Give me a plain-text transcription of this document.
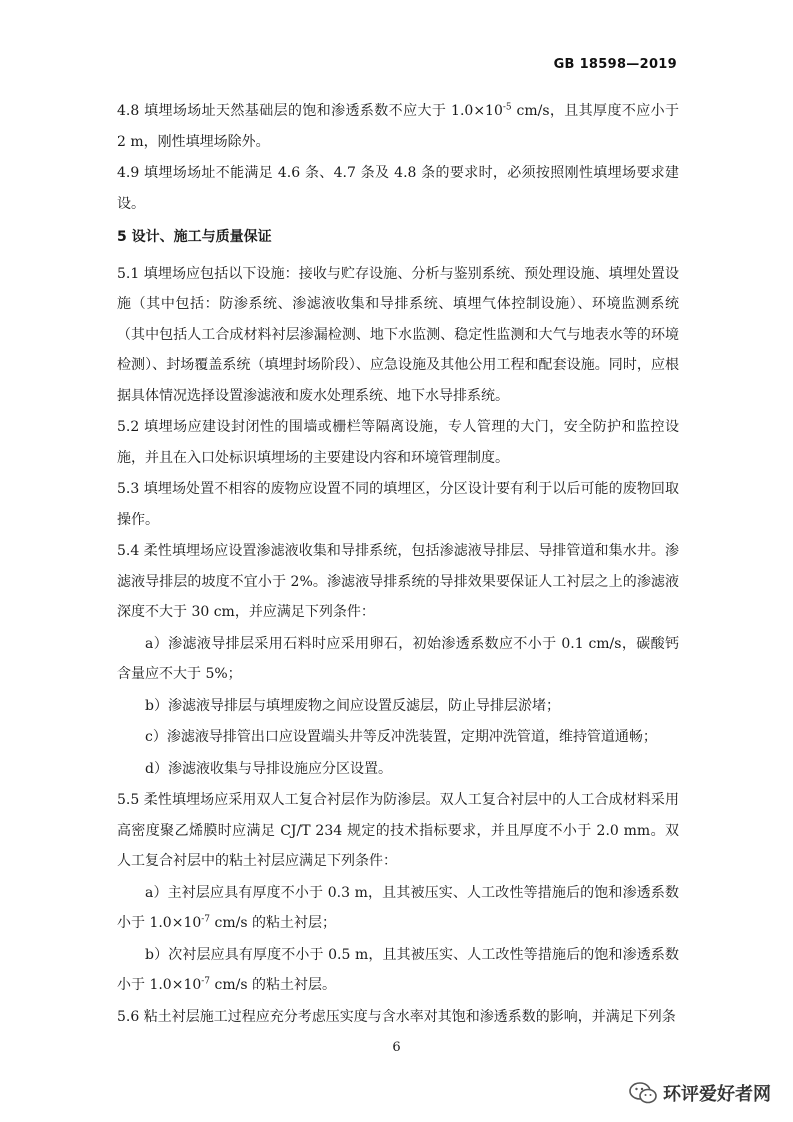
GB 18598—2019

4.8 填埋场场址天然基础层的饱和渗透系数不应大于 $1.0\times 10^{-5}$ cm/s，且其厚度不应小于 2 m，刚性填埋场除外。

4.9 填埋场场址不能满足 4.6 条、4.7 条及 4.8 条的要求时，必须按照刚性填埋场要求建设。

5 设计、施工与质量保证

5.1 填埋场应包括以下设施：接收与贮存设施、分析与鉴别系统、预处理设施、填埋处置设施（其中包括：防渗系统、渗滤液收集和导排系统、填埋气体控制设施）、环境监测系统（其中包括人工合成材料衬层渗漏检测、地下水监测、稳定性监测和大气与地表水等的环境检测）、封场覆盖系统（填埋封场阶段）、应急设施及其他公用工程和配套设施。同时，应根据具体情况选择设置渗滤液和废水处理系统、地下水导排系统。

5.2 填埋场应建设封闭性的围墙或栅栏等隔离设施，专人管理的大门，安全防护和监控设施，并且在入口处标识填埋场的主要建设内容和环境管理制度。

5.3 填埋场处置不相容的废物应设置不同的填埋区，分区设计要有利于以后可能的废物回取操作。

5.4 柔性填埋场应设置渗滤液收集和导排系统，包括渗滤液导排层、导排管道和集水井。渗滤液导排层的坡度不宜小于 2%。渗滤液导排系统的导排效果要保证人工衬层之上的渗滤液深度不大于 30 cm，并应满足下列条件：

a）渗滤液导排层采用石料时应采用卵石，初始渗透系数应不小于 0.1 cm/s，碳酸钙含量应不大于 5%；

b）渗滤液导排层与填埋废物之间应设置反滤层，防止导排层淤堵；

c）渗滤液导排管出口应设置端头井等反冲洗装置，定期冲洗管道，维持管道通畅；

d）渗滤液收集与导排设施应分区设置。

5.5 柔性填埋场应采用双人工复合衬层作为防渗层。双人工复合衬层中的人工合成材料采用高密度聚乙烯膜时应满足 CJ/T 234 规定的技术指标要求，并且厚度不小于 2.0 mm。双人工复合衬层中的粘土衬层应满足下列条件：

a）主衬层应具有厚度不小于 0.3 m，且其被压实、人工改性等措施后的饱和渗透系数小于 $1.0\times 10^{-7}$ cm/s 的粘土衬层；

b）次衬层应具有厚度不小于 0.5 m，且其被压实、人工改性等措施后的饱和渗透系数小于 $1.0\times 10^{-7}$ cm/s 的粘土衬层。

5.6 粘土衬层施工过程应充分考虑压实度与含水率对其饱和渗透系数的影响，并满足下列条

6
环评爱好者网
